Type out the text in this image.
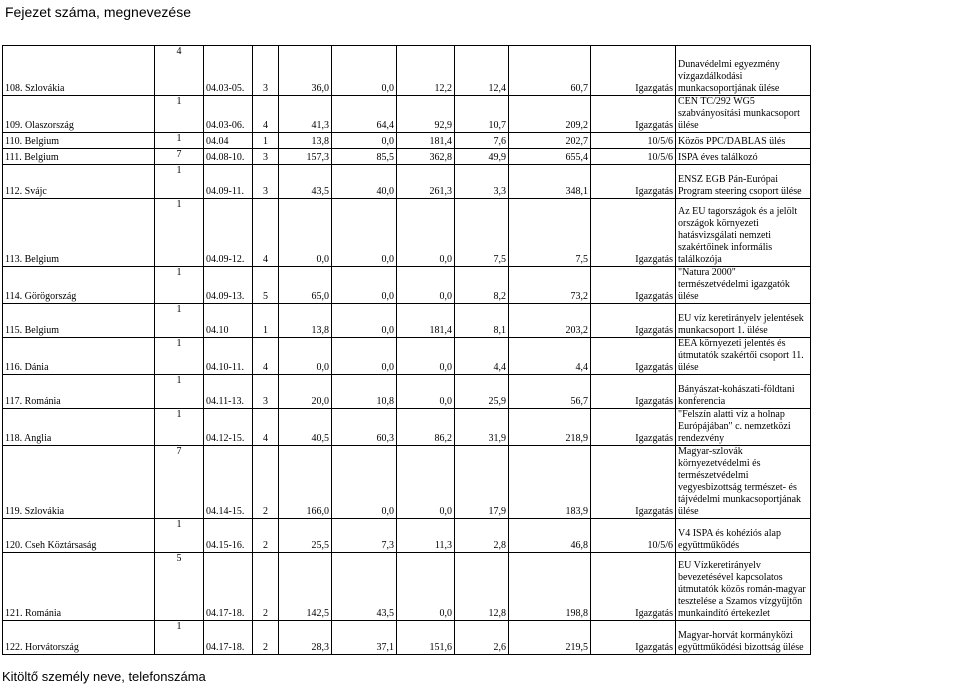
Fejezet száma, megnevezése
108. Szlovákia	4	04.03-05.	3	36,0	0,0	12,2	12,4	60,7	Igazgatás	Dunavédelmi egyezmény vízgazdálkodási munkacsoportjának ülése
109. Olaszország	1	04.03-06.	4	41,3	64,4	92,9	10,7	209,2	Igazgatás	CEN TC/292 WG5 szabványosítási munkacsoport ülése
110. Belgium	1	04.04	1	13,8	0,0	181,4	7,6	202,7	10/5/6	Közös PPC/DABLAS ülés
111. Belgium	7	04.08-10.	3	157,3	85,5	362,8	49,9	655,4	10/5/6	ISPA éves találkozó
112. Svájc	1	04.09-11.	3	43,5	40,0	261,3	3,3	348,1	Igazgatás	ENSZ EGB Pán-Európai Program steering csoport ülése
113. Belgium	1	04.09-12.	4	0,0	0,0	0,0	7,5	7,5	Igazgatás	Az EU tagországok és a jelölt országok környezeti hatásvizsgálati nemzeti szakértőinek informális találkozója
114. Görögország	1	04.09-13.	5	65,0	0,0	0,0	8,2	73,2	Igazgatás	"Natura 2000" természetvédelmi igazgatók ülése
115. Belgium	1	04.10	1	13,8	0,0	181,4	8,1	203,2	Igazgatás	EU víz keretirányelv jelentések munkacsoport 1. ülése
116. Dánia	1	04.10-11.	4	0,0	0,0	0,0	4,4	4,4	Igazgatás	EEA környezeti jelentés és útmutatók szakértői csoport 11. ülése
117. Románia	1	04.11-13.	3	20,0	10,8	0,0	25,9	56,7	Igazgatás	Bányászat-kohászati-földtani konferencia
118. Anglia	1	04.12-15.	4	40,5	60,3	86,2	31,9	218,9	Igazgatás	"Felszín alatti víz a holnap Európájában" c. nemzetközi rendezvény
119. Szlovákia	7	04.14-15.	2	166,0	0,0	0,0	17,9	183,9	Igazgatás	Magyar-szlovák környezetvédelmi és természetvédelmi vegyesbizottság természet- és tájvédelmi munkacsoportjának ülése
120. Cseh Köztársaság	1	04.15-16.	2	25,5	7,3	11,3	2,8	46,8	10/5/6	V4 ISPA és kohéziós alap együttműködés
121. Románia	5	04.17-18.	2	142,5	43,5	0,0	12,8	198,8	Igazgatás	EU Vízkeretirányelv bevezetésével kapcsolatos útmutatók közös román-magyar tesztelése a Szamos vízgyűjtőn munkaindító értekezlet
122. Horvátország	1	04.17-18.	2	28,3	37,1	151,6	2,6	219,5	Igazgatás	Magyar-horvát kormányközi együttműködési bizottság ülése
Kitöltő személy neve, telefonszáma
